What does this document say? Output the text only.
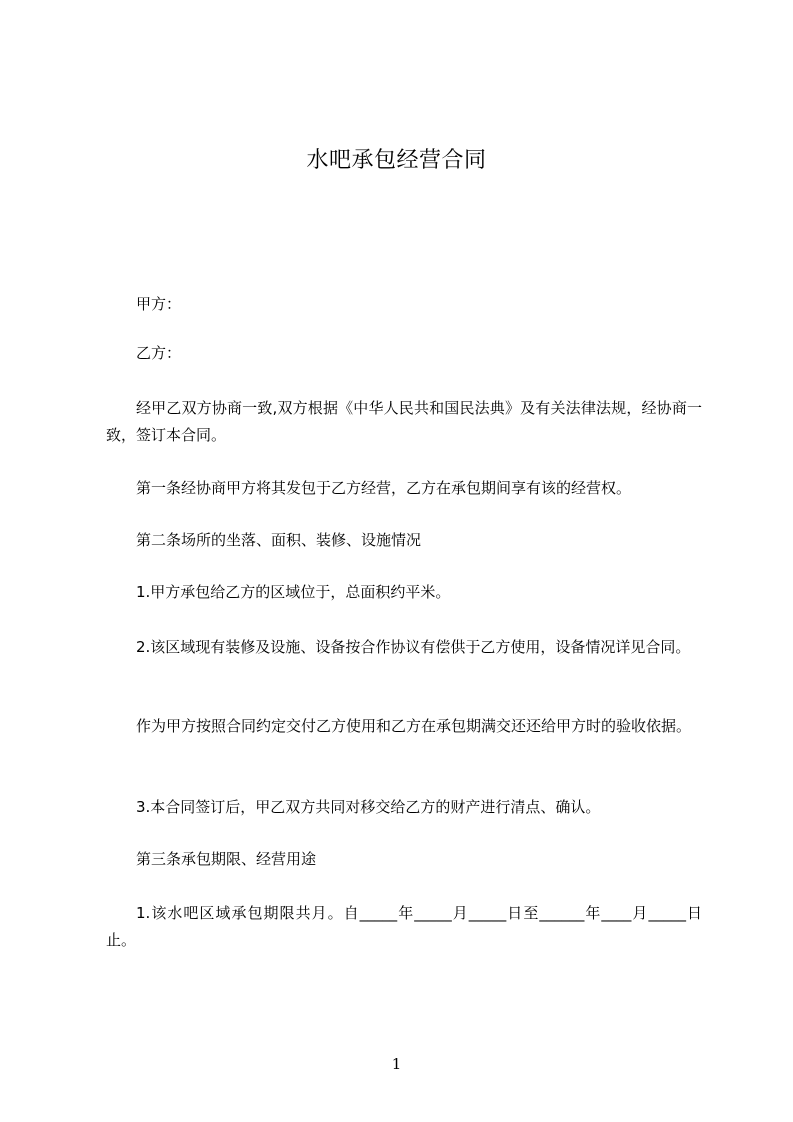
水吧承包经营合同
甲方：
乙方：
经甲乙双方协商一致,双方根据《中华人民共和国民法典》及有关法律法规，经协商一致，签订本合同。
第一条经协商甲方将其发包于乙方经营，乙方在承包期间享有该的经营权。
第二条场所的坐落、面积、装修、设施情况
1.甲方承包给乙方的区域位于，总面积约平米。
2.该区域现有装修及设施、设备按合作协议有偿供于乙方使用，设备情况详见合同。
作为甲方按照合同约定交付乙方使用和乙方在承包期满交还还给甲方时的验收依据。
3.本合同签订后，甲乙双方共同对移交给乙方的财产进行清点、确认。
第三条承包期限、经营用途
1.该水吧区域承包期限共月。自_____年_____月_____日至______年____月_____日止。
1
